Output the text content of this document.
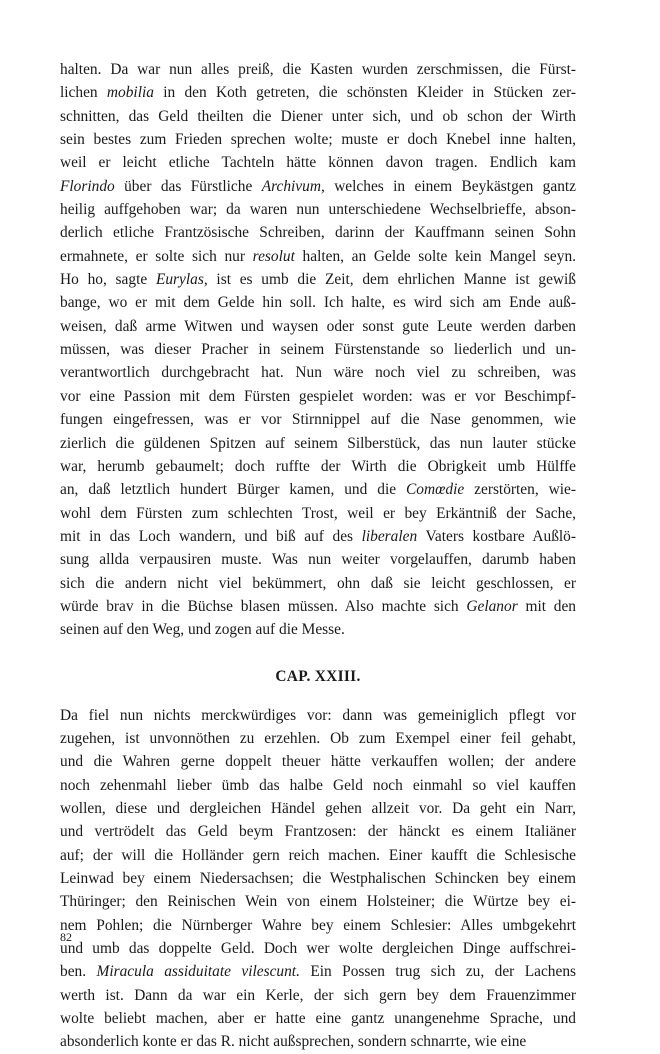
halten. Da war nun alles preiß, die Kasten wurden zerschmissen, die Fürst-
lichen mobilia in den Koth getreten, die schönsten Kleider in Stücken zer-
schnitten, das Geld theilten die Diener unter sich, und ob schon der Wirth
sein bestes zum Frieden sprechen wolte; muste er doch Knebel inne halten,
weil er leicht etliche Tachteln hätte können davon tragen. Endlich kam
Florindo über das Fürstliche Archivum, welches in einem Beykästgen gantz
heilig auffgehoben war; da waren nun unterschiedene Wechselbrieffe, abson-
derlich etliche Frantzösische Schreiben, darinn der Kauffmann seinen Sohn
ermahnete, er solte sich nur resolut halten, an Gelde solte kein Mangel seyn.
Ho ho, sagte Eurylas, ist es umb die Zeit, dem ehrlichen Manne ist gewiß
bange, wo er mit dem Gelde hin soll. Ich halte, es wird sich am Ende auß-
weisen, daß arme Witwen und waysen oder sonst gute Leute werden darben
müssen, was dieser Pracher in seinem Fürstenstande so liederlich und un-
verantwortlich durchgebracht hat. Nun wäre noch viel zu schreiben, was
vor eine Passion mit dem Fürsten gespielet worden: was er vor Beschimpf-
fungen eingefressen, was er vor Stirnnippel auf die Nase genommen, wie
zierlich die güldenen Spitzen auf seinem Silberstück, das nun lauter stücke
war, herumb gebaumelt; doch ruffte der Wirth die Obrigkeit umb Hülffe
an, daß letztlich hundert Bürger kamen, und die Comœdie zerstörten, wie-
wohl dem Fürsten zum schlechten Trost, weil er bey Erkäntniß der Sache,
mit in das Loch wandern, und biß auf des liberalen Vaters kostbare Außlö-
sung allda verpausiren muste. Was nun weiter vorgelauffen, darumb haben
sich die andern nicht viel bekümmert, ohn daß sie leicht geschlossen, er
würde brav in die Büchse blasen müssen. Also machte sich Gelanor mit den
seinen auf den Weg, und zogen auf die Messe.
CAP. XXIII.
Da fiel nun nichts merckwürdiges vor: dann was gemeiniglich pflegt vor
zugehen, ist unvonnöthen zu erzehlen. Ob zum Exempel einer feil gehabt,
und die Wahren gerne doppelt theuer hätte verkauffen wollen; der andere
noch zehenmahl lieber ümb das halbe Geld noch einmahl so viel kauffen
wollen, diese und dergleichen Händel gehen allzeit vor. Da geht ein Narr,
und vertrödelt das Geld beym Frantzosen: der hänckt es einem Italiäner
auf; der will die Holländer gern reich machen. Einer kaufft die Schlesische
Leinwad bey einem Niedersachsen; die Westphalischen Schincken bey einem
Thüringer; den Reinischen Wein von einem Holsteiner; die Würtze bey ei-
nem Pohlen; die Nürnberger Wahre bey einem Schlesier: Alles umbgekehrt
und umb das doppelte Geld. Doch wer wolte dergleichen Dinge auffschrei-
ben. Miracula assiduitate vilescunt. Ein Possen trug sich zu, der Lachens
werth ist. Dann da war ein Kerle, der sich gern bey dem Frauenzimmer
wolte beliebt machen, aber er hatte eine gantz unangenehme Sprache, und
absonderlich konte er das R. nicht außsprechen, sondern schnarrte, wie eine
82
